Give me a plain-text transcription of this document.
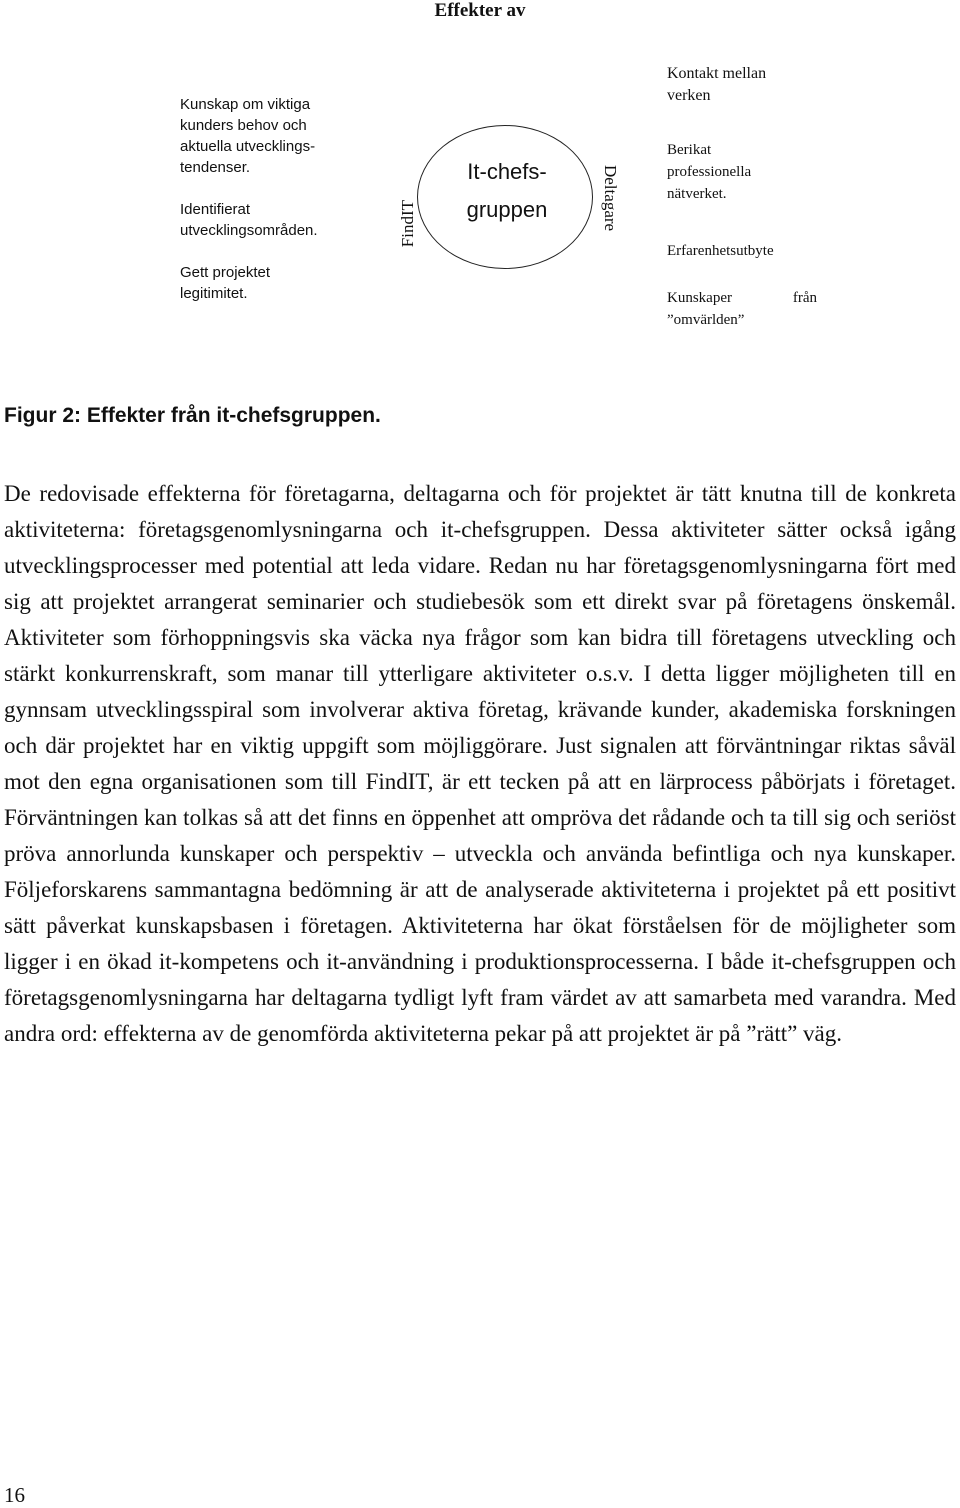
Effekter av
Kunskap om viktiga kunders behov och aktuella utvecklings-tendenser.
Identifierat utvecklingsområden.
Gett projektet legitimitet.
FindIT
It-chefs- gruppen	Deltagare
Kontakt mellan verken
Berikat professionella nätverket.
Erfarenhetsutbyte
Kunskaper från ”omvärlden”
Figur 2: Effekter från it-chefsgruppen.

De redovisade effekterna för företagarna, deltagarna och för projektet är tätt knutna till de konkreta aktiviteterna: företagsgenomlysningarna och it-chefsgruppen. Dessa aktiviteter sätter också igång utvecklingsprocesser med potential att leda vidare. Redan nu har företagsgenomlysningarna fört med sig att projektet arrangerat seminarier och studiebesök som ett direkt svar på företagens önskemål. Aktiviteter som förhoppningsvis ska väcka nya frågor som kan bidra till företagens utveckling och stärkt konkurrenskraft, som manar till ytterligare aktiviteter o.s.v. I detta ligger möjligheten till en gynnsam utvecklingsspiral som involverar aktiva företag, krävande kunder, akademiska forskningen och där projektet har en viktig uppgift som möjliggörare. Just signalen att förväntningar riktas såväl mot den egna organisationen som till FindIT, är ett tecken på att en lärprocess påbörjats i företaget. Förväntningen kan tolkas så att det finns en öppenhet att ompröva det rådande och ta till sig och seriöst pröva annorlunda kunskaper och perspektiv – utveckla och använda befintliga och nya kunskaper. Följeforskarens sammantagna bedömning är att de analyserade aktiviteterna i projektet på ett positivt sätt påverkat kunskapsbasen i företagen. Aktiviteterna har ökat förståelsen för de möjligheter som ligger i en ökad it-kompetens och it-användning i produktionsprocesserna. I både it-chefsgruppen och företagsgenomlysningarna har deltagarna tydligt lyft fram värdet av att samarbeta med varandra. Med andra ord: effekterna av de genomförda aktiviteterna pekar på att projektet är på ”rätt” väg.

16
